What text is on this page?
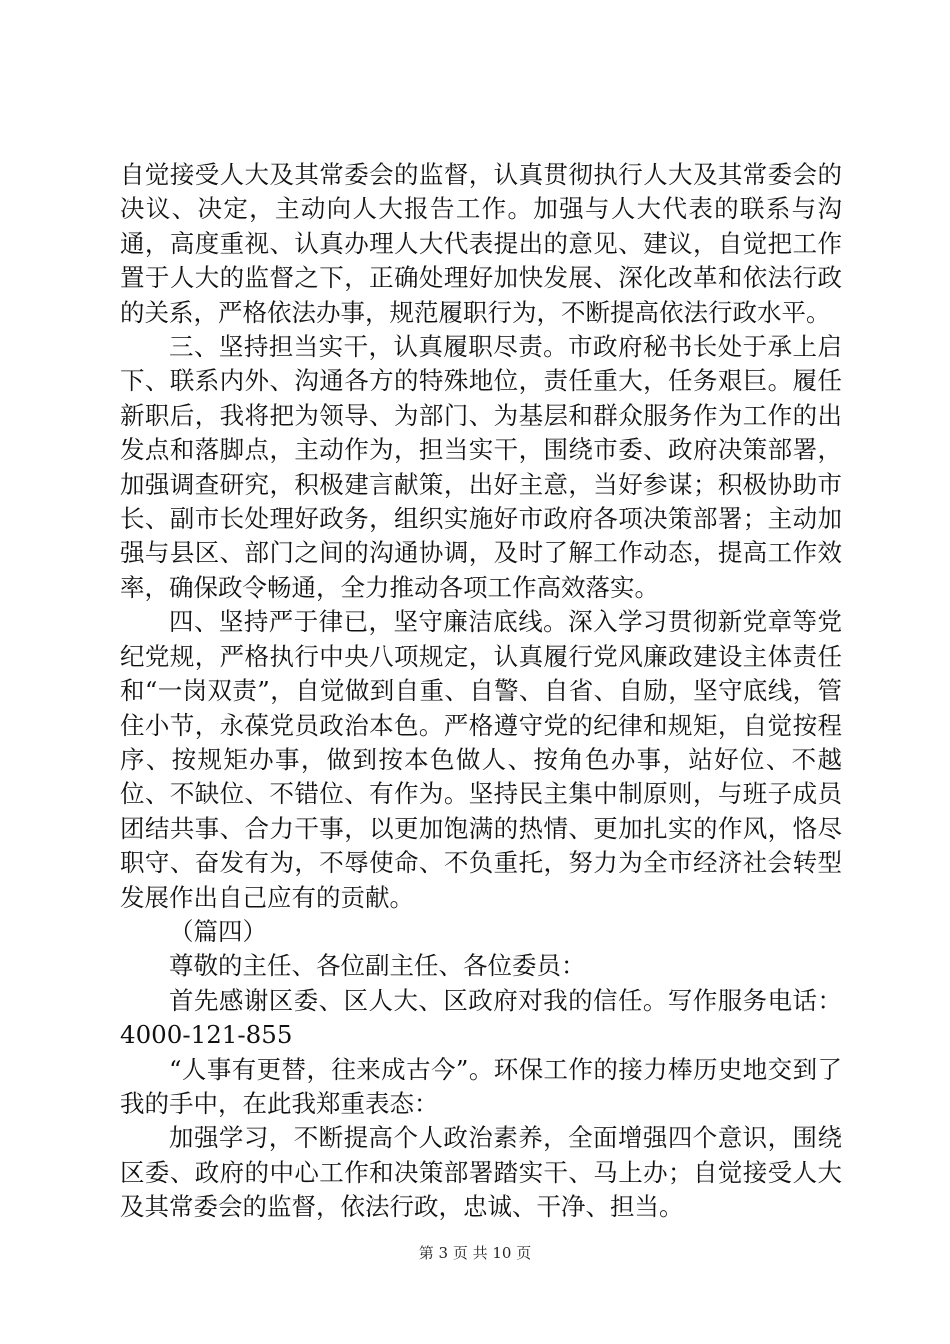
自觉接受人大及其常委会的监督，认真贯彻执行人大及其常委会的决议、决定，主动向人大报告工作。加强与人大代表的联系与沟通，高度重视、认真办理人大代表提出的意见、建议，自觉把工作置于人大的监督之下，正确处理好加快发展、深化改革和依法行政的关系，严格依法办事，规范履职行为，不断提高依法行政水平。

三、坚持担当实干，认真履职尽责。市政府秘书长处于承上启下、联系内外、沟通各方的特殊地位，责任重大，任务艰巨。履任新职后，我将把为领导、为部门、为基层和群众服务作为工作的出发点和落脚点，主动作为，担当实干，围绕市委、政府决策部署，加强调查研究，积极建言献策，出好主意，当好参谋；积极协助市长、副市长处理好政务，组织实施好市政府各项决策部署；主动加强与县区、部门之间的沟通协调，及时了解工作动态，提高工作效率，确保政令畅通，全力推动各项工作高效落实。

四、坚持严于律已，坚守廉洁底线。深入学习贯彻新党章等党纪党规，严格执行中央八项规定，认真履行党风廉政建设主体责任和“一岗双责”，自觉做到自重、自警、自省、自励，坚守底线，管住小节，永葆党员政治本色。严格遵守党的纪律和规矩，自觉按程序、按规矩办事，做到按本色做人、按角色办事，站好位、不越位、不缺位、不错位、有作为。坚持民主集中制原则，与班子成员团结共事、合力干事，以更加饱满的热情、更加扎实的作风，恪尽职守、奋发有为，不辱使命、不负重托，努力为全市经济社会转型发展作出自己应有的贡献。

（篇四）

尊敬的主任、各位副主任、各位委员：

首先感谢区委、区人大、区政府对我的信任。写作服务电话：4000-121-855

“人事有更替，往来成古今”。环保工作的接力棒历史地交到了我的手中，在此我郑重表态：

加强学习，不断提高个人政治素养，全面增强四个意识，围绕区委、政府的中心工作和决策部署踏实干、马上办；自觉接受人大及其常委会的监督，依法行政，忠诚、干净、担当。

第 3 页 共 10 页
